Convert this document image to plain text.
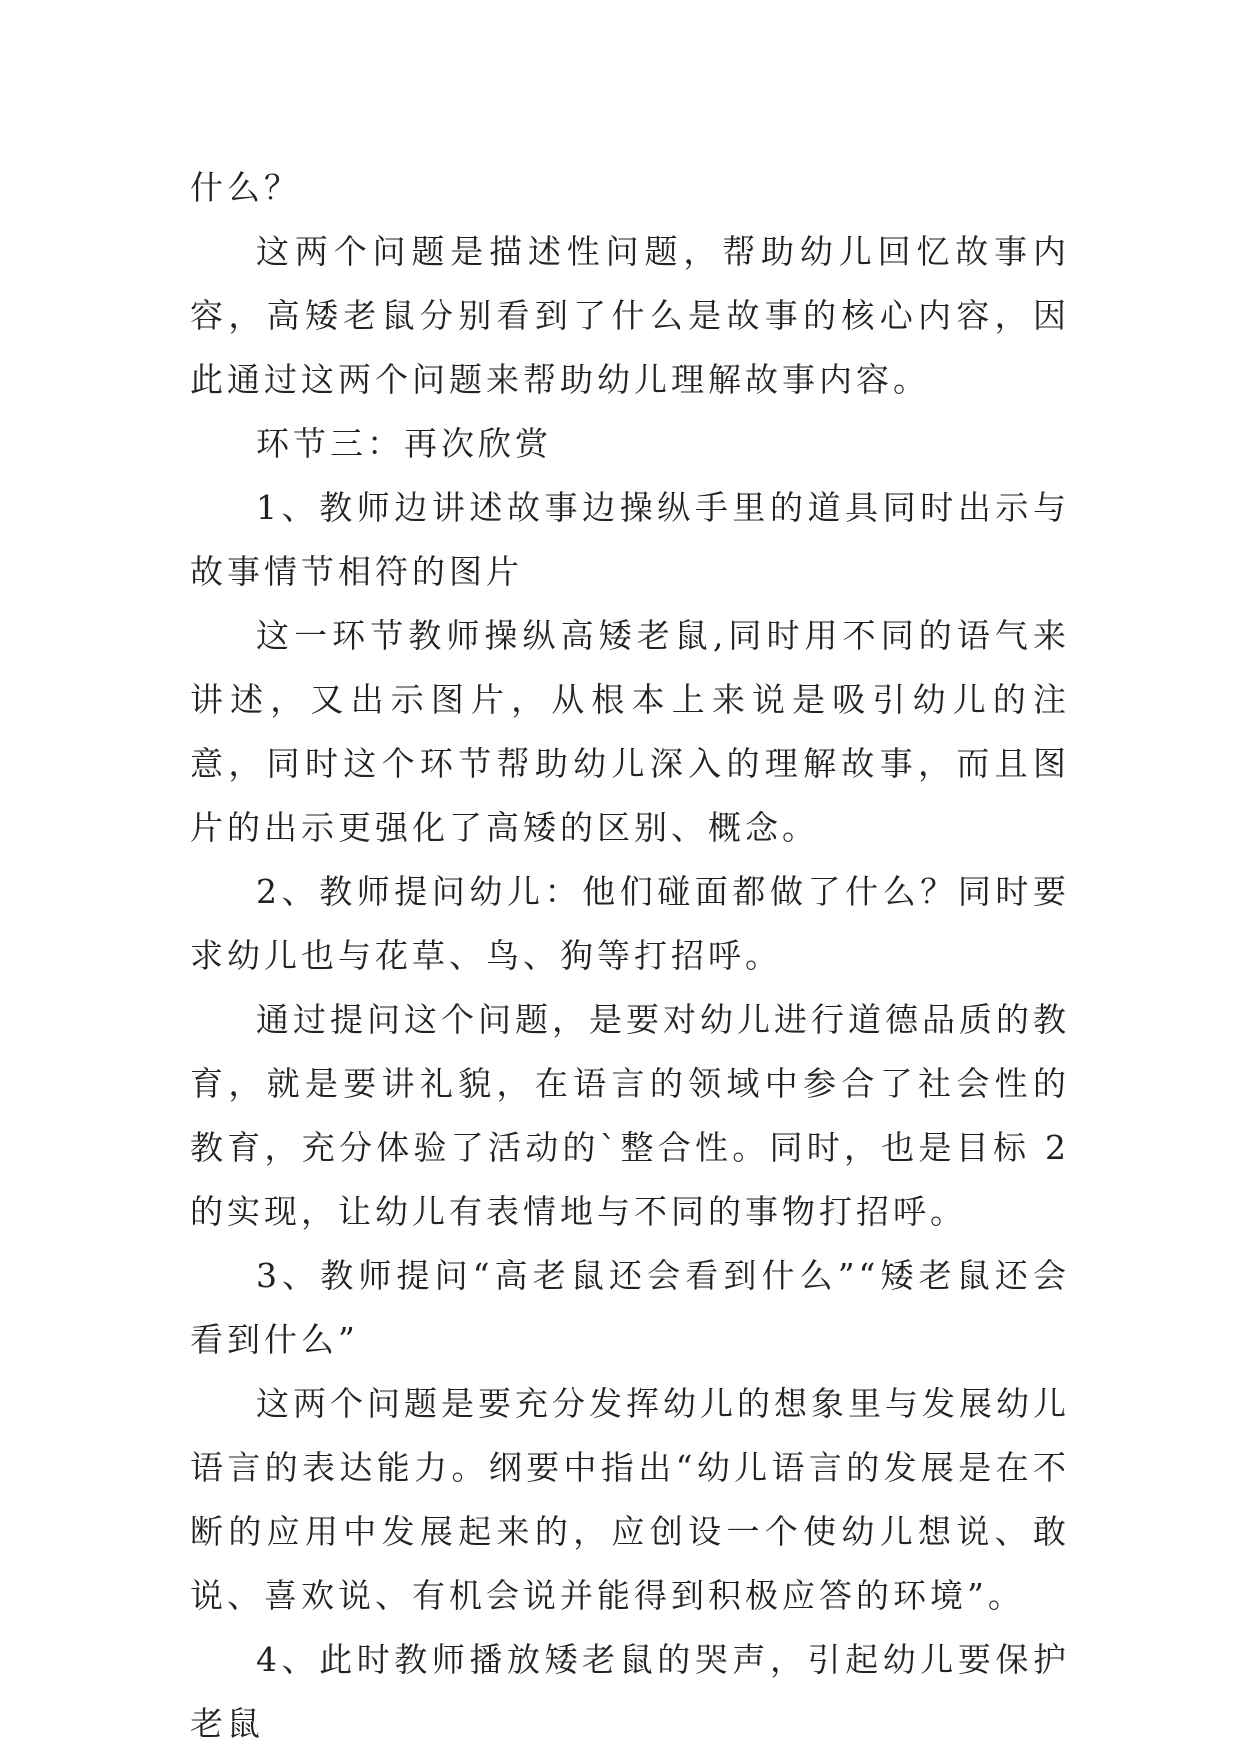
什么？

这两个问题是描述性问题，帮助幼儿回忆故事内容，高矮老鼠分别看到了什么是故事的核心内容，因此通过这两个问题来帮助幼儿理解故事内容。

环节三：再次欣赏

1、教师边讲述故事边操纵手里的道具同时出示与故事情节相符的图片

这一环节教师操纵高矮老鼠,同时用不同的语气来讲述，又出示图片，从根本上来说是吸引幼儿的注意，同时这个环节帮助幼儿深入的理解故事，而且图片的出示更强化了高矮的区别、概念。

2、教师提问幼儿：他们碰面都做了什么？同时要求幼儿也与花草、鸟、狗等打招呼。

通过提问这个问题，是要对幼儿进行道德品质的教育，就是要讲礼貌，在语言的领域中参合了社会性的教育，充分体验了活动的`整合性。同时，也是目标 2 的实现，让幼儿有表情地与不同的事物打招呼。

3、教师提问“高老鼠还会看到什么”“矮老鼠还会看到什么”

这两个问题是要充分发挥幼儿的想象里与发展幼儿语言的表达能力。纲要中指出“幼儿语言的发展是在不断的应用中发展起来的，应创设一个使幼儿想说、敢说、喜欢说、有机会说并能得到积极应答的环境”。

4、此时教师播放矮老鼠的哭声，引起幼儿要保护老鼠
